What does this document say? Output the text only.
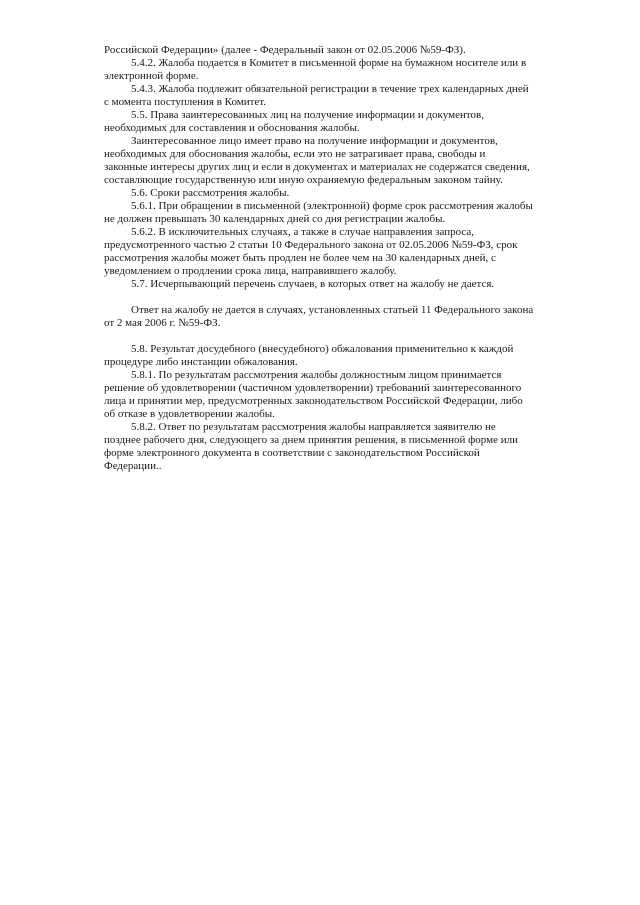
Российской Федерации» (далее - Федеральный закон от 02.05.2006 №59-ФЗ).
5.4.2. Жалоба подается в Комитет в письменной форме на бумажном носителе или в
электронной форме.
5.4.3. Жалоба подлежит обязательной регистрации в течение трех календарных дней
с момента поступления в Комитет.
5.5. Права заинтересованных лиц на получение информации и документов,
необходимых для составления и обоснования жалобы.
Заинтересованное лицо имеет право на получение информации и документов,
необходимых для обоснования жалобы, если это не затрагивает права, свободы и
законные интересы других лиц и если в документах и материалах не содержатся сведения,
составляющие государственную или иную охраняемую федеральным законом тайну.
5.6. Сроки рассмотрения жалобы.
5.6.1. При обращении в письменной (электронной) форме срок рассмотрения жалобы
не должен превышать 30 календарных дней со дня регистрации жалобы.
5.6.2. В исключительных случаях, а также в случае направления запроса,
предусмотренного частью 2 статьи 10 Федерального закона от 02.05.2006 №59-ФЗ, срок
рассмотрения жалобы может быть продлен не более чем на 30 календарных дней, с
уведомлением о продлении срока лица, направившего жалобу.
5.7. Исчерпывающий перечень случаев, в которых ответ на жалобу не дается.
Ответ на жалобу не дается в случаях, установленных статьей 11 Федерального закона
от 2 мая 2006 г. №59-ФЗ.
5.8. Результат досудебного (внесудебного) обжалования применительно к каждой
процедуре либо инстанции обжалования.
5.8.1. По результатам рассмотрения жалобы должностным лицом принимается
решение об удовлетворении (частичном удовлетворении) требований заинтересованного
лица и принятии мер, предусмотренных законодательством Российской Федерации, либо
об отказе в удовлетворении жалобы.
5.8.2. Ответ по результатам рассмотрения жалобы направляется заявителю не
позднее рабочего дня, следующего за днем принятия решения, в письменной форме или
форме электронного документа в соответствии с законодательством Российской
Федерации..
